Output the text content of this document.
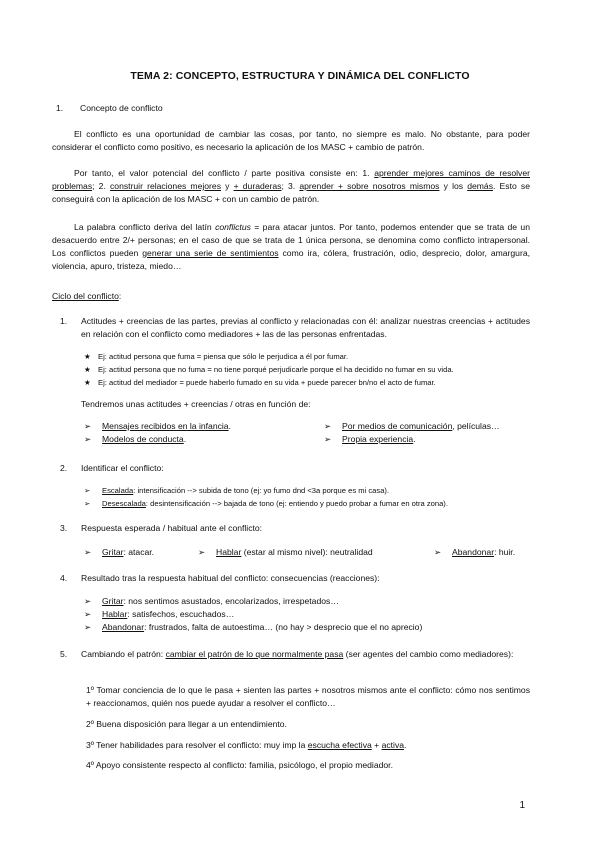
TEMA 2: CONCEPTO, ESTRUCTURA Y DINÁMICA DEL CONFLICTO
1. Concepto de conflicto
El conflicto es una oportunidad de cambiar las cosas, por tanto, no siempre es malo. No obstante, para poder considerar el conflicto como positivo, es necesario la aplicación de los MASC + cambio de patrón.
Por tanto, el valor potencial del conflicto / parte positiva consiste en: 1. aprender mejores caminos de resolver problemas; 2. construir relaciones mejores y + duraderas; 3. aprender + sobre nosotros mismos y los demás. Esto se conseguirá con la aplicación de los MASC + con un cambio de patrón.
La palabra conflicto deriva del latín conflictus = para atacar juntos. Por tanto, podemos entender que se trata de un desacuerdo entre 2/+ personas; en el caso de que se trata de 1 única persona, se denomina como conflicto intrapersonal. Los conflictos pueden generar una serie de sentimientos como ira, cólera, frustración, odio, desprecio, dolor, amargura, violencia, apuro, tristeza, miedo…
Ciclo del conflicto:
1. Actitudes + creencias de las partes, previas al conflicto y relacionadas con él: analizar nuestras creencias + actitudes en relación con el conflicto como mediadores + las de las personas enfrentadas.
★ Ej: actitud persona que fuma = piensa que sólo le perjudica a él por fumar.
★ Ej: actitud persona que no fuma = no tiene porqué perjudicarle porque el ha decidido no fumar en su vida.
★ Ej: actitud del mediador = puede haberlo fumado en su vida + puede parecer bn/no el acto de fumar.
Tendremos unas actitudes + creencias / otras en función de:
➢ Mensajes recibidos en la infancia.
➢ Modelos de conducta.
➢ Por medios de comunicación, películas…
➢ Propia experiencia.
2. Identificar el conflicto:
➢ Escalada: intensificación --> subida de tono (ej: yo fumo dnd <3a porque es mi casa).
➢ Desescalada: desintensificación --> bajada de tono (ej: entiendo y puedo probar a fumar en otra zona).
3. Respuesta esperada / habitual ante el conflicto:
➢ Gritar: atacar.	➢ Hablar (estar al mismo nivel): neutralidad	➢ Abandonar: huir.
4. Resultado tras la respuesta habitual del conflicto: consecuencias (reacciones):
➢ Gritar: nos sentimos asustados, encolarizados, irrespetados…
➢ Hablar: satisfechos, escuchados…
➢ Abandonar: frustrados, falta de autoestima… (no hay > desprecio que el no aprecio)
5. Cambiando el patrón: cambiar el patrón de lo que normalmente pasa (ser agentes del cambio como mediadores):
1º Tomar conciencia de lo que le pasa + sienten las partes + nosotros mismos ante el conflicto: cómo nos sentimos + reaccionamos, quién nos puede ayudar a resolver el conflicto…
2º Buena disposición para llegar a un entendimiento.
3º Tener habilidades para resolver el conflicto: muy imp la escucha efectiva + activa.
4º Apoyo consistente respecto al conflicto: familia, psicólogo, el propio mediador.
1
